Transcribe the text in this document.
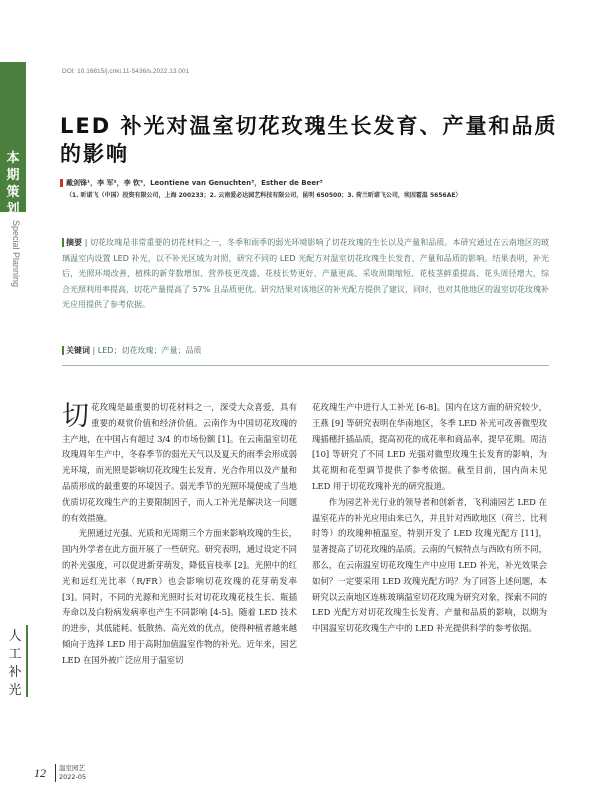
本期策划
Special Planning
人工补光
DOI: 10.16815/j.cnki.11-5436/s.2022.13.001
LED 补光对温室切花玫瑰生长发育、产量和品质的影响
戴剑锋¹，李 军²，李 钦²，Leontiene van Genuchten³，Esther de Beer³
（1. 昕诺飞（中国）投资有限公司，上海 200233；2. 云南爱必达园艺科技有限公司，昆明 650500；3. 荷兰昕诺飞公司，埃因霍温 5656AE）
摘要 | 切花玫瑰是非常重要的切花材料之一，冬季和雨季的弱光环境影响了切花玫瑰的生长以及产量和品质。本研究通过在云南地区的玻璃温室内设置 LED 补光，以不补光区域为对照，研究不同的 LED 光配方对温室切花玫瑰生长发育、产量和品质的影响。结果表明，补光后，光照环境改善，植株的新芽数增加、营养枝更茂盛、花枝长势更好、产量更高、采收周期缩短、花枝茎鲜重提高、花头周径增大，综合光照利用率提高，切花产量提高了 57% 且品质更优。研究结果对该地区的补光配方提供了建议，同时，也对其他地区的温室切花玫瑰补光应用提供了参考依据。
关键词 | LED；切花玫瑰；产量；品质

切花玫瑰是最重要的切花材料之一，深受大众喜爱，具有重要的观赏价值和经济价值。云南作为中国切花玫瑰的主产地，在中国占有超过 3/4 的市场份额 [1]。在云南温室切花玫瑰周年生产中，冬春季节的弱光天气以及夏天的雨季会形成弱光环境，而光照是影响切花玫瑰生长发育、光合作用以及产量和品质形成的最重要的环境因子。弱光季节的光照环境便成了当地优质切花玫瑰生产的主要限制因子，而人工补光是解决这一问题的有效措施。

光照通过光强、光质和光周期三个方面来影响玫瑰的生长，国内外学者在此方面开展了一些研究。研究表明，通过设定不同的补光强度，可以促进新芽萌发，降低盲枝率 [2]。光照中的红光和远红光比率（R/FR）也会影响切花玫瑰的花芽萌发率 [3]。同时，不同的光源和光照时长对切花玫瑰花枝生长、瓶插寿命以及白粉病发病率也产生不同影响 [4-5]。随着 LED 技术的进步，其低能耗、低散热、高光效的优点，使得种植者越来越倾向于选择 LED 用于高附加值温室作物的补光。近年来，园艺 LED 在国外被广泛应用于温室切

花玫瑰生产中进行人工补光 [6-8]。国内在这方面的研究较少，王燕 [9] 等研究表明在华南地区，冬季 LED 补光可改善微型玫瑰插穗扦插品质，提高初花的成花率和商品率，提早花期。周洁 [10] 等研究了不同 LED 光强对微型玫瑰生长发育的影响，为其花期和花型调节提供了参考依据。截至目前，国内尚未见 LED 用于切花玫瑰补光的研究报道。

作为园艺补光行业的领导者和创新者，飞利浦园艺 LED 在温室花卉的补光应用由来已久，并且针对西欧地区（荷兰、比利时等）的玫瑰种植温室，特别开发了 LED 玫瑰光配方 [11]，显著提高了切花玫瑰的品质。云南的气候特点与西欧有所不同，那么，在云南温室切花玫瑰生产中应用 LED 补光，补光效果会如何？一定要采用 LED 玫瑰光配方吗？为了回答上述问题，本研究以云南地区连栋玻璃温室切花玫瑰为研究对象，探索不同的 LED 光配方对切花玫瑰生长发育、产量和品质的影响，以期为中国温室切花玫瑰生产中的 LED 补光提供科学的参考依据。

12 温室园艺
2022-05
